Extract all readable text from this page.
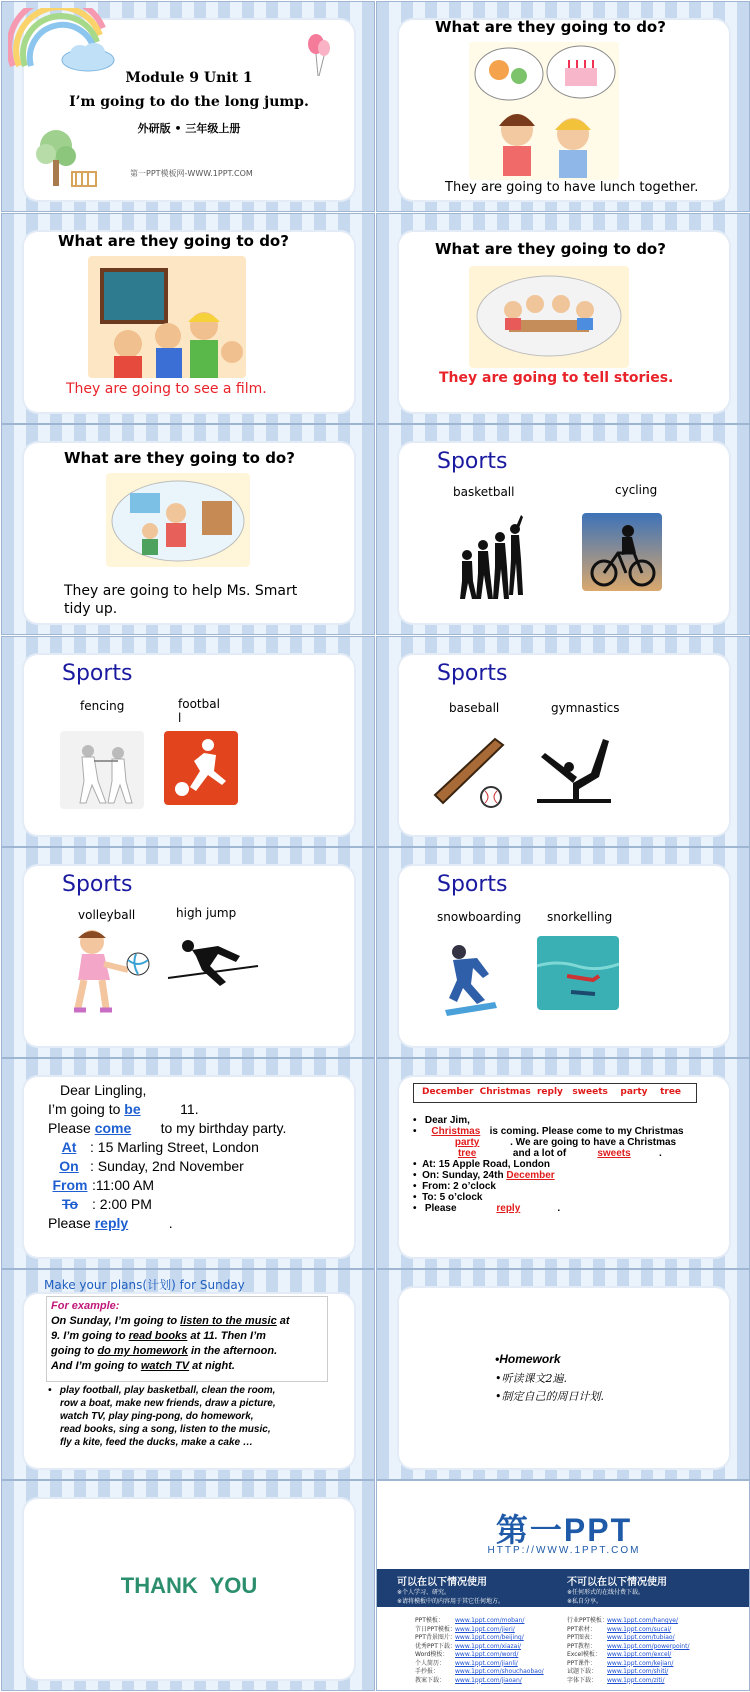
Module 9 Unit 1
I’m going to do the long jump.
外研版 • 三年级上册
第一PPT模板网-WWW.1PPT.COM
What are they going to do?
They are going to have lunch together.
What are they going to do?
They are going to see a film.
What are they going to do?
They are going to tell stories.
What are they going to do?
They are going to help Ms. Smart
tidy up.
Sports
basketball	cycling
Sports
fencing	footbal
l
Sports
baseball	gymnastics
Sports
volleyball	high jump
Sports
snowboarding snorkelling
Dear Lingling,
I’m going to be	11.
Please come to my birthday party.
At : 15 Marling Street, London
On : Sunday, 2nd November
From :11:00 AM
To : 2:00 PM
Please reply	.
December Christmas reply sweets party tree
•   Dear Jim,
•   Christmas is coming. Please come to my Christmas
party	. We are going to have a Christmas
tree	and a lot of	sweets	.
•  At: 15 Apple Road, London
•  On: Sunday, 24th December
•  From: 2 o’clock
•  To: 5 o’clock
•   Please	reply	.
Make your plans(计划) for Sunday
For example:
On Sunday, I’m going to listen to the music at
9. I’m going to read books at 11. Then I’m
going to do my homework in the afternoon.
And I’m going to watch TV at night.
•   play football, play basketball, clean the room,
row a boat, make new friends, draw a picture,
watch TV, play ping-pong, do homework,
read books, sing a song, listen to the music,
fly a kite, feed the ducks, make a cake …
•Homework
•听读课文2遍.
•制定自己的周日计划.
THANK  YOU
第一PPT
HTTP://WWW.1PPT.COM
可以在以下情况使用
※个人学习、研究。
※请将模板中的内容用于其它任何地方。
不可以在以下情况使用
※任何形式的在线付费下载。
※私自分享。
PPT模板： www.1ppt.com/moban/
节日PPT模板：www.1ppt.com/jieri/
PPT背景图片：www.1ppt.com/beijing/
优秀PPT下载：www.1ppt.com/xiazai/
Word模板： www.1ppt.com/word/
个人简历： www.1ppt.com/jianli/
手抄报：	www.1ppt.com/shouchaobao/
教案下载： www.1ppt.com/jiaoan/
行业PPT模板：www.1ppt.com/hangye/
PPT素材： www.1ppt.com/sucai/
PPT图表： www.1ppt.com/tubiao/
PPT教程： www.1ppt.com/powerpoint/
Excel模板： www.1ppt.com/excel/
PPT课件： www.1ppt.com/kejian/
试题下载： www.1ppt.com/shiti/
字体下载： www.1ppt.com/ziti/
